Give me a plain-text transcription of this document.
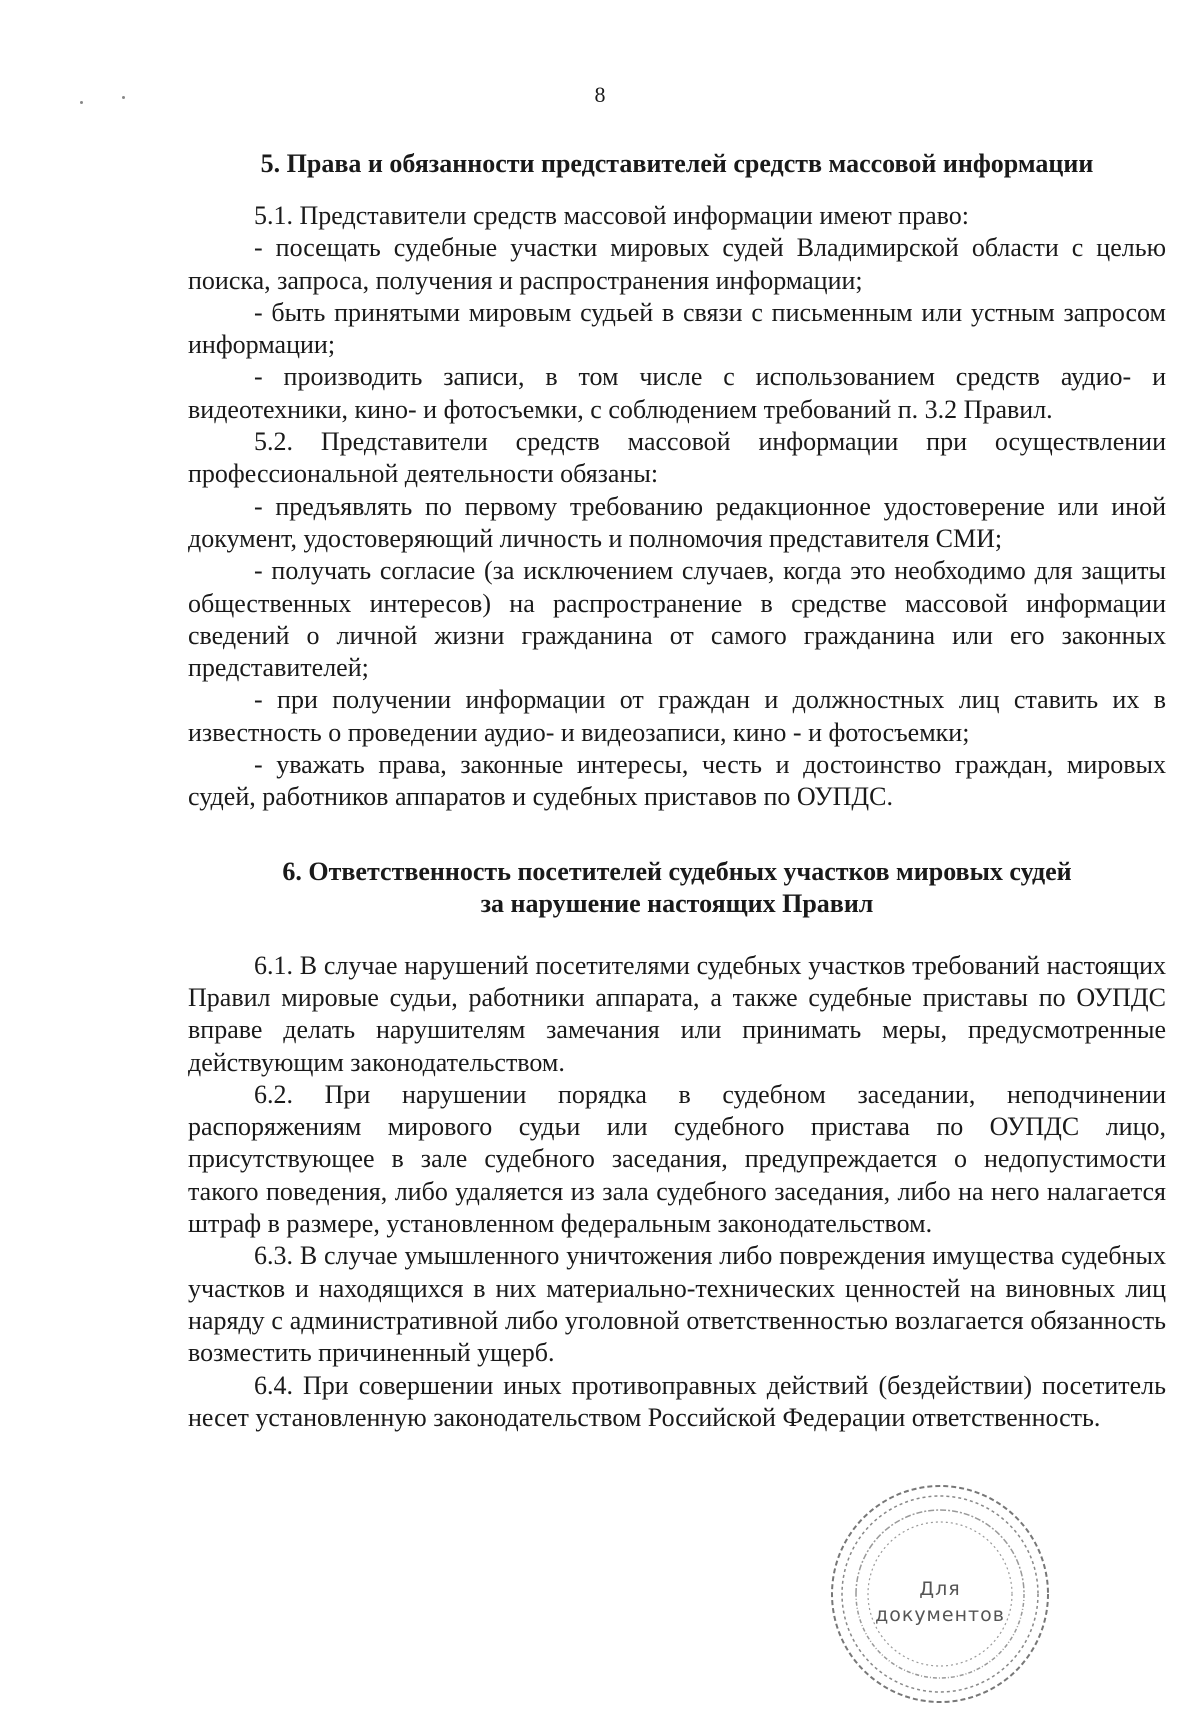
8
5. Права и обязанности представителей средств массовой информации

5.1. Представители средств массовой информации имеют право:

- посещать судебные участки мировых судей Владимирской области с целью поиска, запроса, получения и распространения информации;

- быть принятыми мировым судьей в связи с письменным или устным запросом информации;

- производить записи, в том числе с использованием средств аудио- и видеотехники, кино- и фотосъемки, с соблюдением требований п. 3.2 Правил.

5.2. Представители средств массовой информации при осуществлении профессиональной деятельности обязаны:

- предъявлять по первому требованию редакционное удостоверение или иной документ, удостоверяющий личность и полномочия представителя СМИ;

- получать согласие (за исключением случаев, когда это необходимо для защиты общественных интересов) на распространение в средстве массовой информации сведений о личной жизни гражданина от самого гражданина или его законных представителей;

- при получении информации от граждан и должностных лиц ставить их в известность о проведении аудио- и видеозаписи, кино - и фотосъемки;

- уважать права, законные интересы, честь и достоинство граждан, мировых судей, работников аппаратов и судебных приставов по ОУПДС.

6. Ответственность посетителей судебных участков мировых судей
за нарушение настоящих Правил

6.1. В случае нарушений посетителями судебных участков требований настоящих Правил мировые судьи, работники аппарата, а также судебные приставы по ОУПДС вправе делать нарушителям замечания или принимать меры, предусмотренные действующим законодательством.

6.2. При нарушении порядка в судебном заседании, неподчинении распоряжениям мирового судьи или судебного пристава по ОУПДС лицо, присутствующее в зале судебного заседания, предупреждается о недопустимости такого поведения, либо удаляется из зала судебного заседания, либо на него налагается штраф в размере, установленном федеральным законодательством.

6.3. В случае умышленного уничтожения либо повреждения имущества судебных участков и находящихся в них материально-технических ценностей на виновных лиц наряду с административной либо уголовной ответственностью возлагается обязанность возместить причиненный ущерб.

6.4. При совершении иных противоправных действий (бездействии) посетитель несет установленную законодательством Российской Федерации ответственность.

Для
документов
